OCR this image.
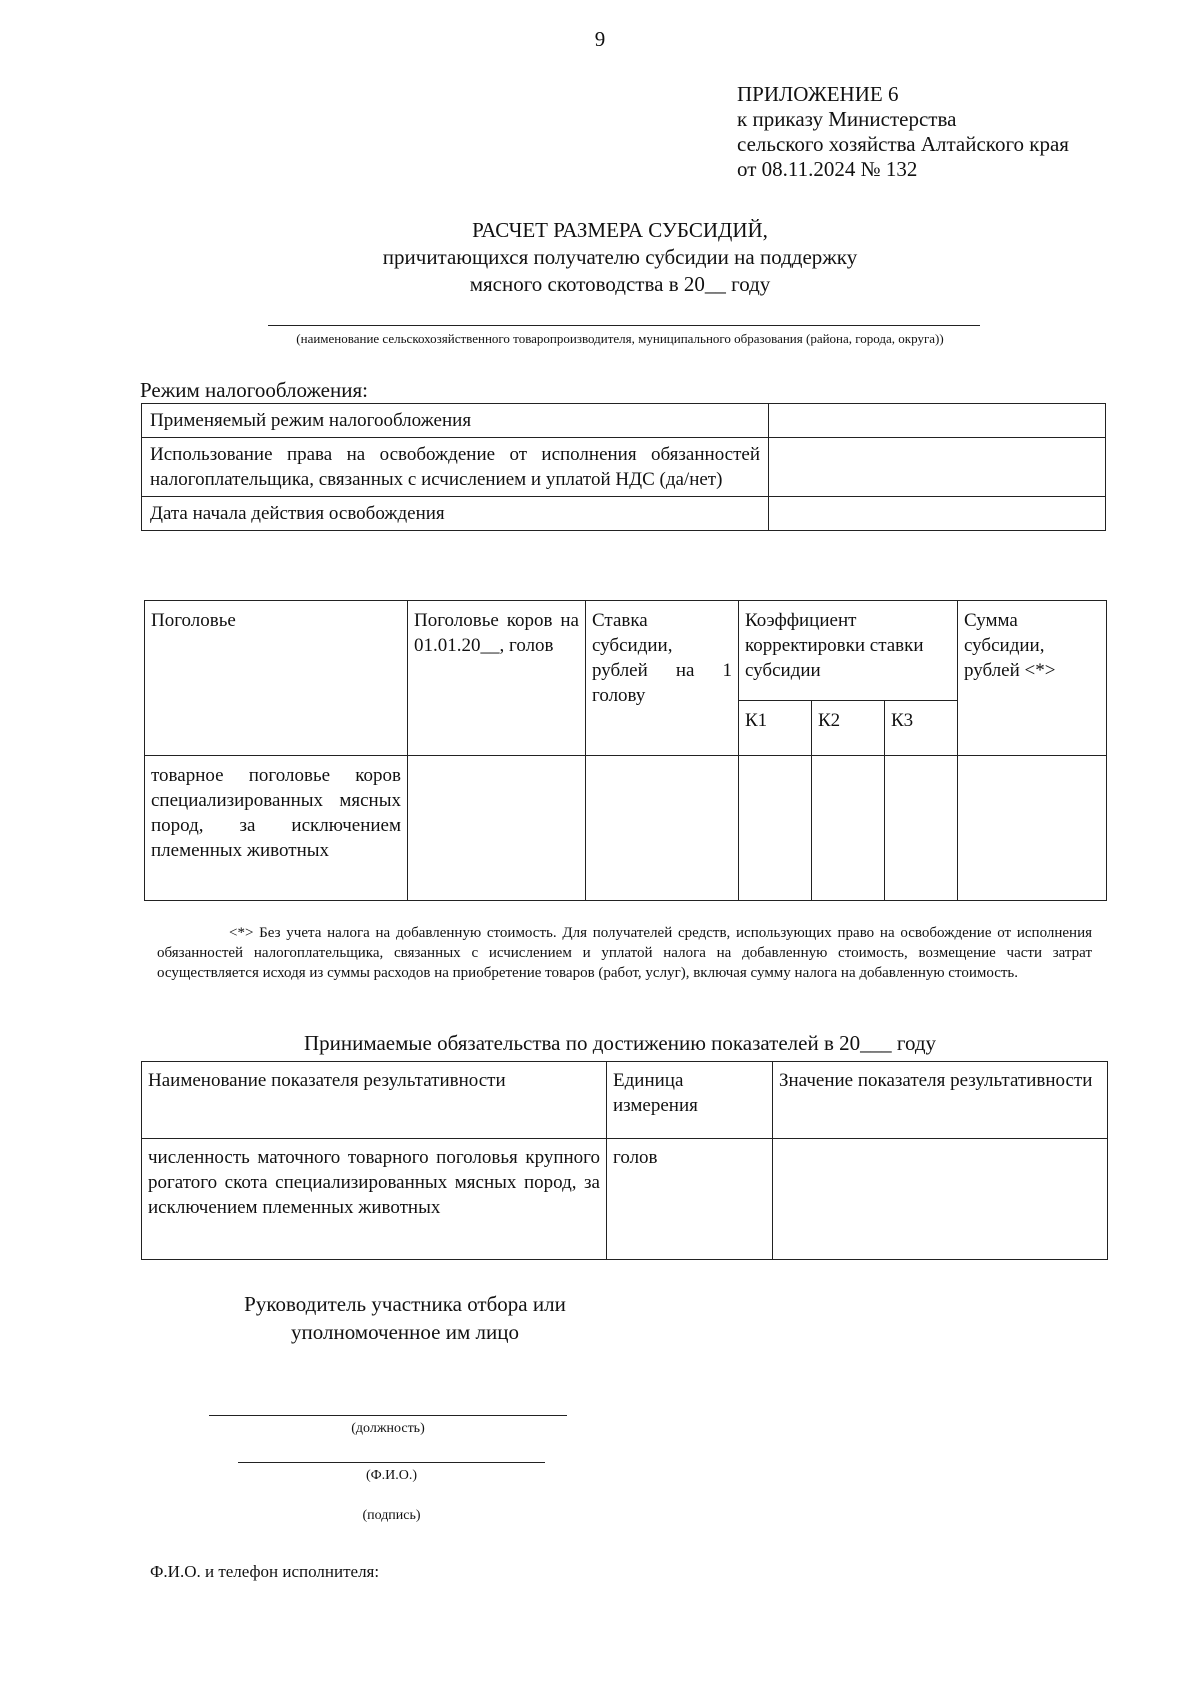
9
ПРИЛОЖЕНИЕ 6
к приказу Министерства
сельского хозяйства Алтайского края
от 08.11.2024 № 132
РАСЧЕТ РАЗМЕРА СУБСИДИЙ,
причитающихся получателю субсидии на поддержку
мясного скотоводства в 20__ году
(наименование сельскохозяйственного товаропроизводителя, муниципального образования (района, города, округа))
Режим налогообложения:
Применяемый режим налогообложения	
Использование права на освобождение от исполнения обязанностей налогоплательщика, связанных с исчислением и уплатой НДС (да/нет)	
Дата начала действия освобождения	
Поголовье	Поголовье коров на 01.01.20__, голов	Ставка субсидии, рублей на 1 голову	Коэффициент корректировки ставки субсидии			Сумма субсидии, рублей <*>
			К1	К2	К3	
товарное поголовье коров специализированных мясных пород, за исключением племенных животных						
<*> Без учета налога на добавленную стоимость. Для получателей средств, использующих право на освобождение от исполнения обязанностей налогоплательщика, связанных с исчислением и уплатой налога на добавленную стоимость, возмещение части затрат осуществляется исходя из суммы расходов на приобретение товаров (работ, услуг), включая сумму налога на добавленную стоимость.
Принимаемые обязательства по достижению показателей в 20___ году
Наименование показателя результативности	Единица измерения	Значение показателя результативности
численность маточного товарного поголовья крупного рогатого скота специализированных мясных пород, за исключением племенных животных	голов	
Руководитель участника отбора или
уполномоченное им лицо
(должность)
(Ф.И.О.)
(подпись)
Ф.И.О. и телефон исполнителя:
